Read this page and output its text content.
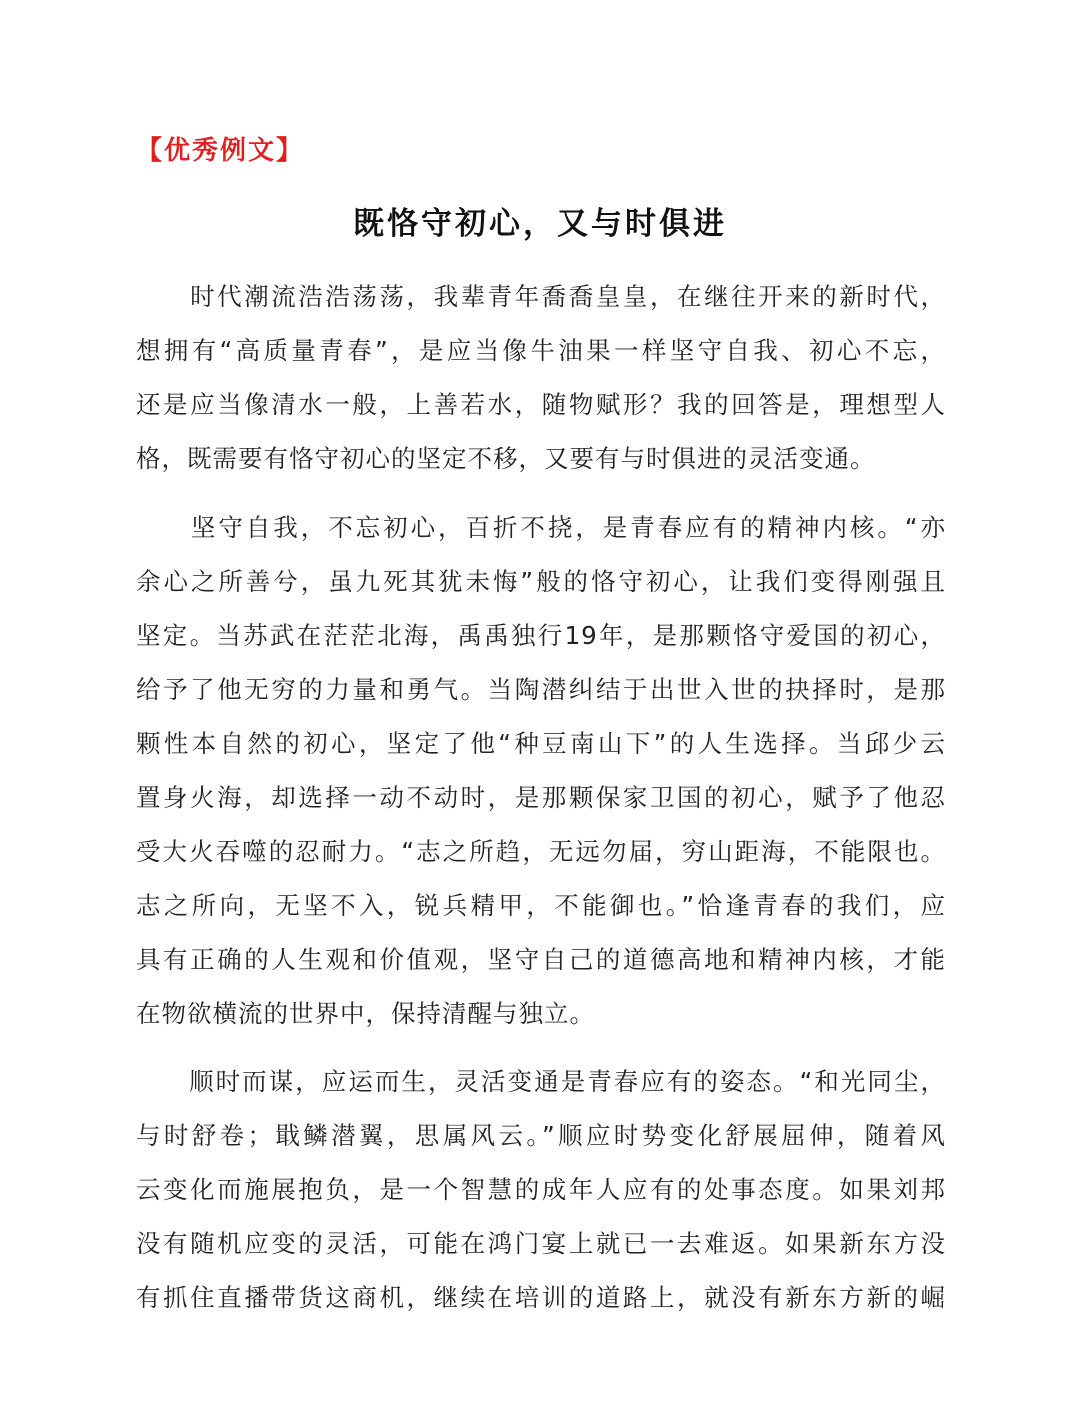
【优秀例文】
既恪守初心，又与时俱进
　　时代潮流浩浩荡荡，我辈青年喬喬皇皇，在继往开来的新时代，
想拥有“高质量青春”，是应当像牛油果一样坚守自我、初心不忘，
还是应当像清水一般，上善若水，随物赋形？我的回答是，理想型人
格，既需要有恪守初心的坚定不移，又要有与时俱进的灵活变通。
　　坚守自我，不忘初心，百折不挠，是青春应有的精神内核。“亦
余心之所善兮，虽九死其犹未悔”般的恪守初心，让我们变得刚强且
坚定。当苏武在茫茫北海，禹禹独行19年，是那颗恪守爱国的初心，
给予了他无穷的力量和勇气。当陶潜纠结于出世入世的抉择时，是那
颗性本自然的初心，坚定了他“种豆南山下”的人生选择。当邱少云
置身火海，却选择一动不动时，是那颗保家卫国的初心，赋予了他忍
受大火吞噬的忍耐力。“志之所趋，无远勿届，穷山距海，不能限也。
志之所向，无坚不入，锐兵精甲，不能御也。”恰逢青春的我们，应
具有正确的人生观和价值观，坚守自己的道德高地和精神内核，才能
在物欲横流的世界中，保持清醒与独立。
　　顺时而谋，应运而生，灵活变通是青春应有的姿态。“和光同尘，
与时舒卷；戢鳞潜翼，思属风云。”顺应时势变化舒展屈伸，随着风
云变化而施展抱负，是一个智慧的成年人应有的处事态度。如果刘邦
没有随机应变的灵活，可能在鸿门宴上就已一去难返。如果新东方没
有抓住直播带货这商机，继续在培训的道路上，就没有新东方新的崛
